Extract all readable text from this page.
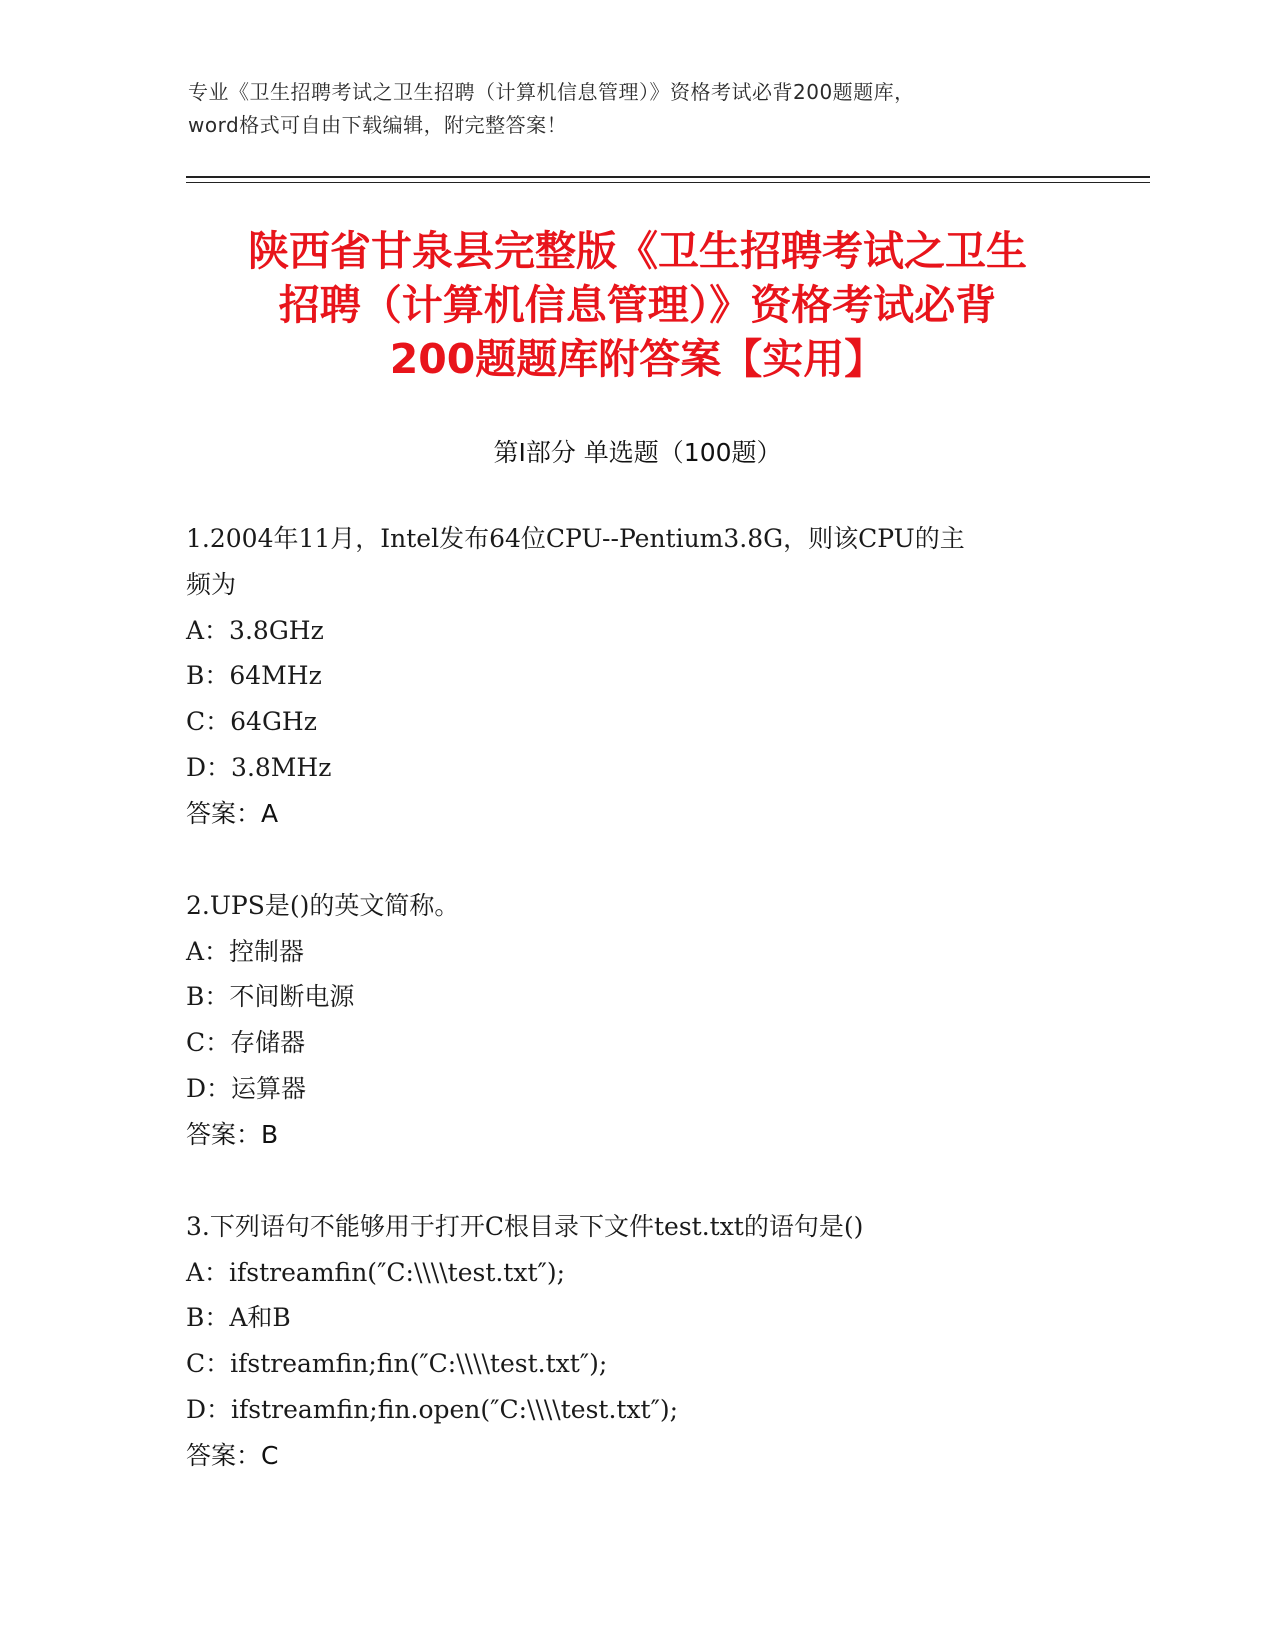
专业《卫生招聘考试之卫生招聘（计算机信息管理）》资格考试必背200题题库，
word格式可自由下载编辑，附完整答案！
陕西省甘泉县完整版《卫生招聘考试之卫生
招聘（计算机信息管理）》资格考试必背
200题题库附答案【实用】
第Ⅰ部分 单选题（100题）
1.2004年11月，Intel发布64位CPU--Pentium3.8G，则该CPU的主
频为
A：3.8GHz
B：64MHz
C：64GHz
D：3.8MHz
答案：A
2.UPS是()的英文简称。
A：控制器
B：不间断电源
C：存储器
D：运算器
答案：B
3.下列语句不能够用于打开C根目录下文件test.txt的语句是()
A：ifstreamfin(″C:\\\\test.txt″);
B：A和B
C：ifstreamfin;fin(″C:\\\\test.txt″);
D：ifstreamfin;fin.open(″C:\\\\test.txt″);
答案：C
